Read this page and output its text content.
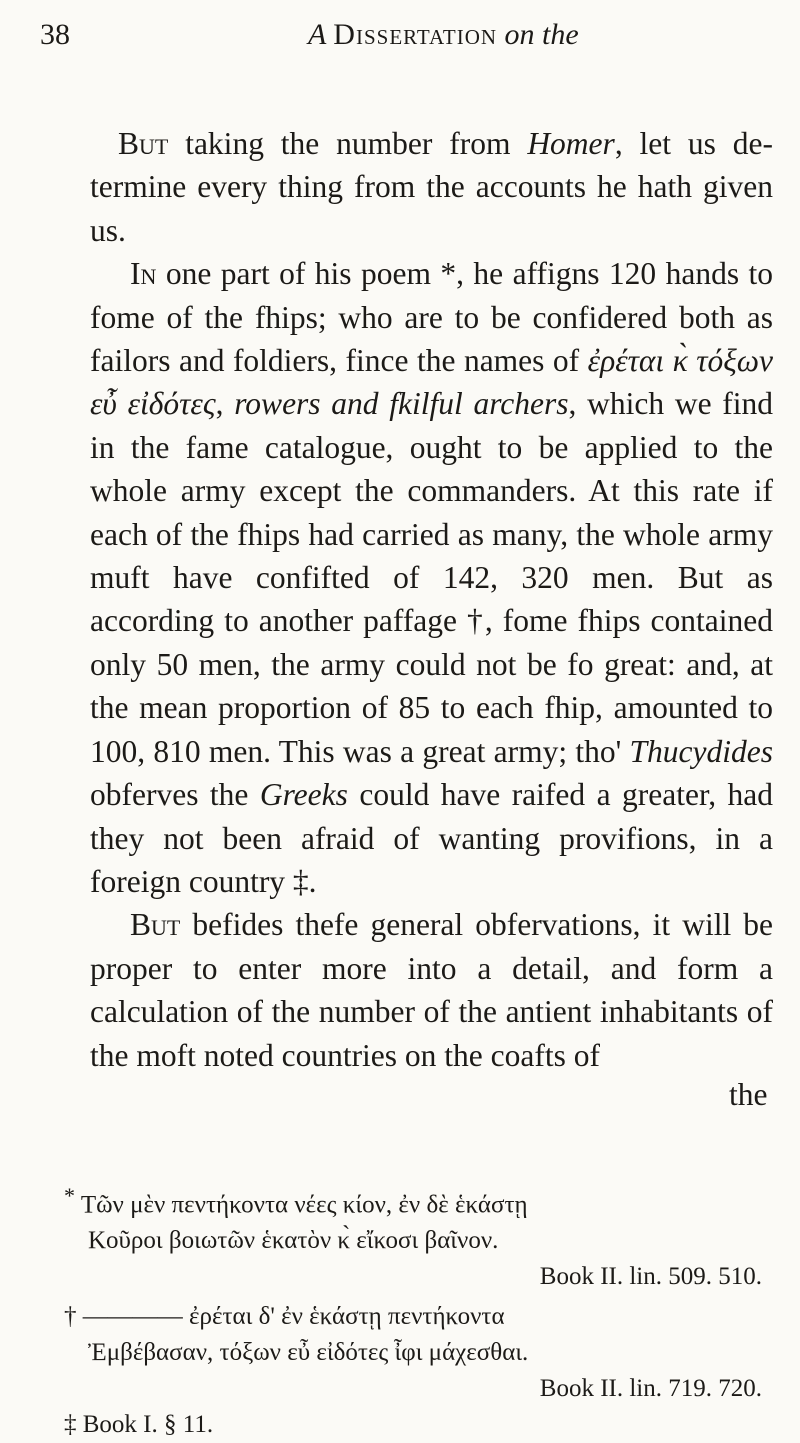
38	A Dissertation on the

But taking the number from Homer, let us determine every thing from the accounts he hath given us.

In one part of his poem *, he affigns 120 hands to fome of the fhips; who are to be confidered both as failors and foldiers, fince the names of ἐρέται κ̀ τόξων εὖ εἰδότες, rowers and fkilful archers, which we find in the fame catalogue, ought to be applied to the whole army except the commanders. At this rate if each of the fhips had carried as many, the whole army muft have confifted of 142, 320 men. But as according to another paffage †, fome fhips contained only 50 men, the army could not be fo great: and, at the mean proportion of 85 to each fhip, amounted to 100, 810 men. This was a great army; tho' Thucydides obferves the Greeks could have raifed a greater, had they not been afraid of wanting provifions, in a foreign country ‡.

But befides thefe general obfervations, it will be proper to enter more into a detail, and form a calculation of the number of the antient inhabitants of the moft noted countries on the coafts of

the
* Τῶν μὲν πεντήκοντα νέες κίον, ἐν δὲ ἑκάστῃ
Κοῦροι βοιωτῶν ἑκατὸν κ̀ εἴκοσι βαῖνον.
Book II. lin. 509. 510.
† ———— ἐρέται δ' ἐν ἑκάστῃ πεντήκοντα
Ἐμβέβασαν, τόξων εὖ εἰδότες ἶφι μάχεσθαι.
Book II. lin. 719. 720.
‡ Book I. § 11.
